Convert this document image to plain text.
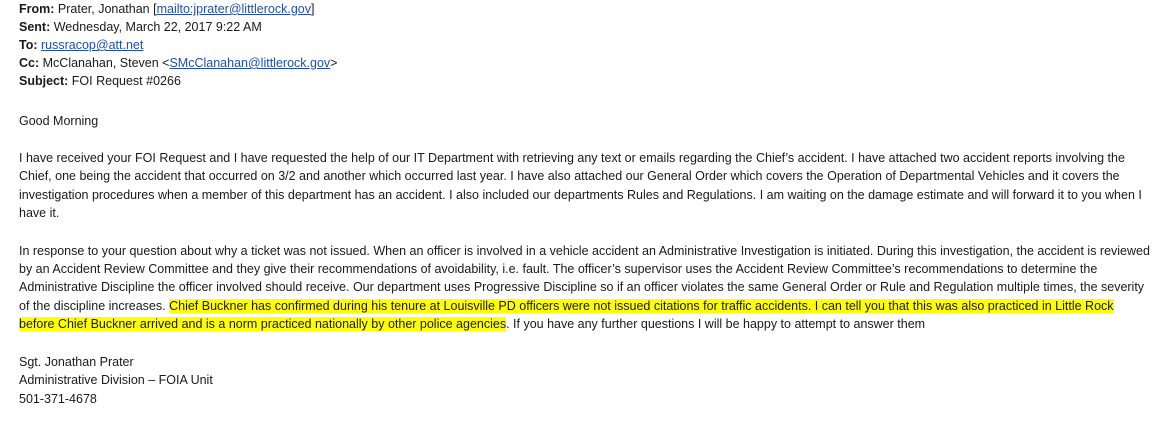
From: Prater, Jonathan [mailto:jprater@littlerock.gov]
Sent: Wednesday, March 22, 2017 9:22 AM
To: russracop@att.net
Cc: McClanahan, Steven <SMcClanahan@littlerock.gov>
Subject: FOI Request #0266
Good Morning
I have received your FOI Request and I have requested the help of our IT Department with retrieving any text or emails regarding the Chief’s accident. I have attached two accident reports involving the Chief, one being the accident that occurred on 3/2 and another which occurred last year. I have also attached our General Order which covers the Operation of Departmental Vehicles and it covers the investigation procedures when a member of this department has an accident. I also included our departments Rules and Regulations. I am waiting on the damage estimate and will forward it to you when I have it.
In response to your question about why a ticket was not issued. When an officer is involved in a vehicle accident an Administrative Investigation is initiated. During this investigation, the accident is reviewed by an Accident Review Committee and they give their recommendations of avoidability, i.e. fault. The officer’s supervisor uses the Accident Review Committee’s recommendations to determine the Administrative Discipline the officer involved should receive. Our department uses Progressive Discipline so if an officer violates the same General Order or Rule and Regulation multiple times, the severity of the discipline increases. Chief Buckner has confirmed during his tenure at Louisville PD officers were not issued citations for traffic accidents. I can tell you that this was also practiced in Little Rock before Chief Buckner arrived and is a norm practiced nationally by other police agencies. If you have any further questions I will be happy to attempt to answer them
Sgt. Jonathan Prater
Administrative Division – FOIA Unit
501-371-4678
